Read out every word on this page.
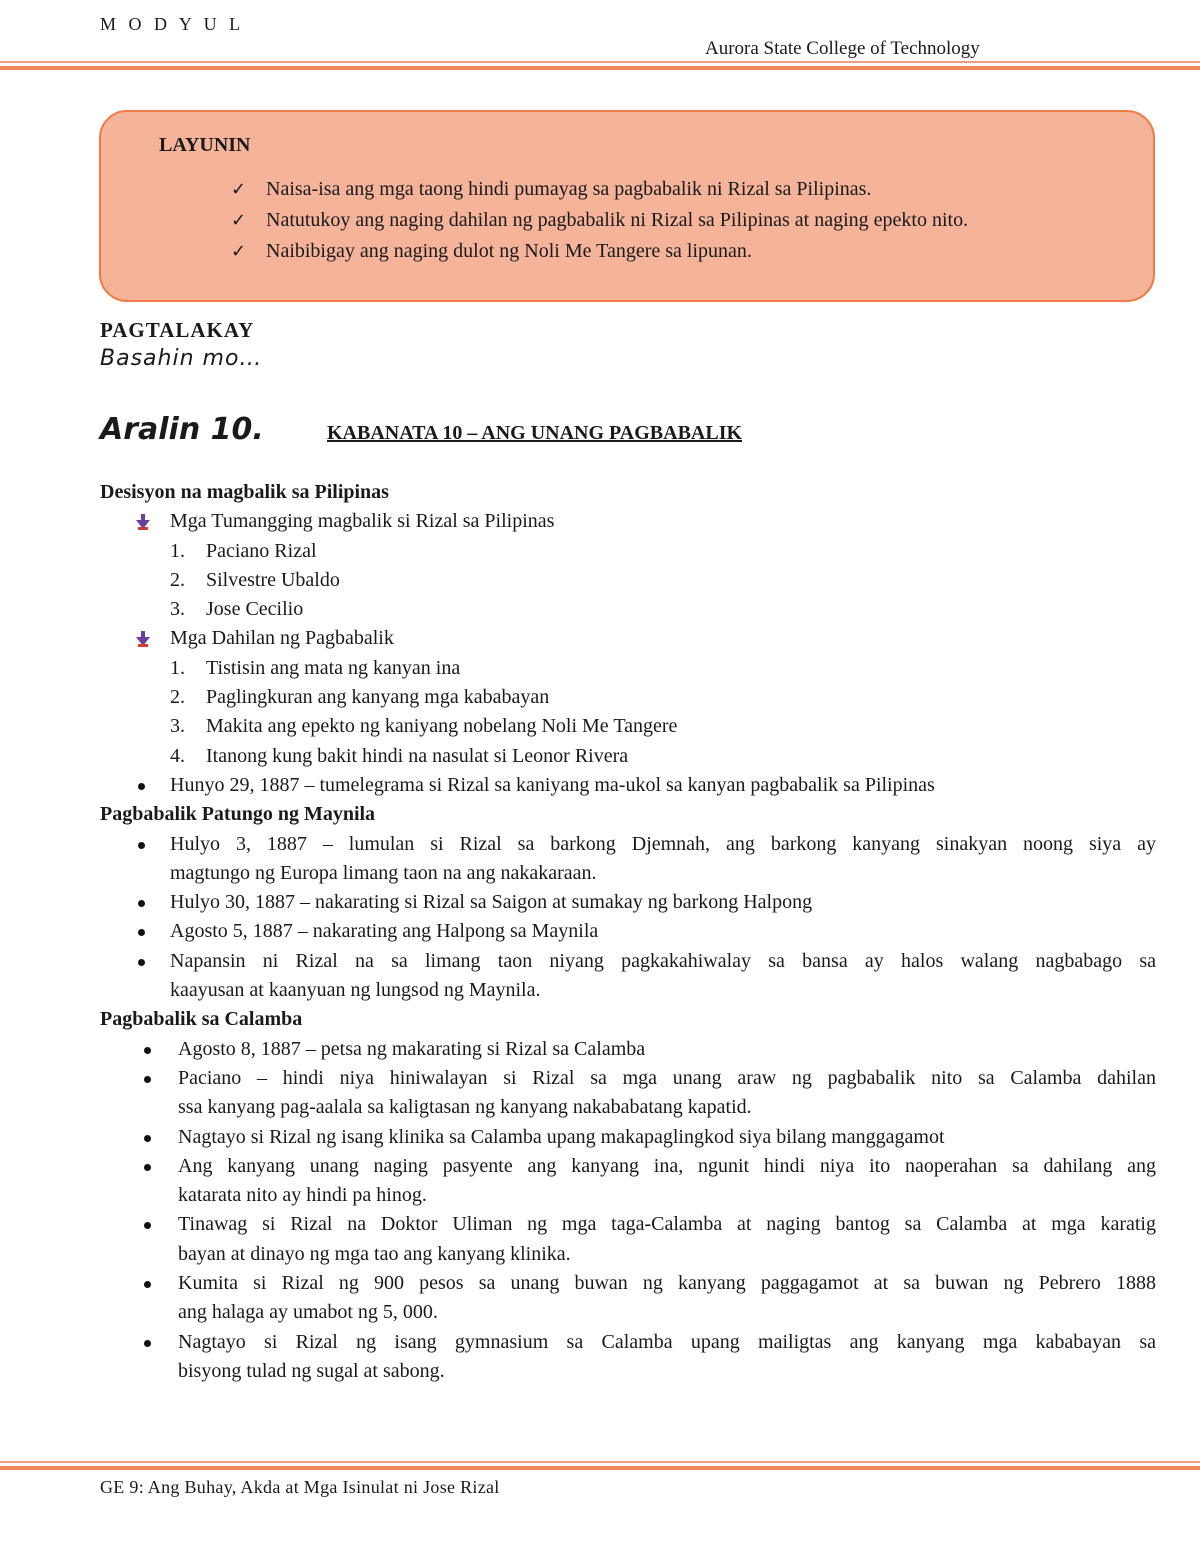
M O D Y U L
Aurora State College of Technology
LAYUNIN
✓ Naisa-isa ang mga taong hindi pumayag sa pagbabalik ni Rizal sa Pilipinas.
✓ Natutukoy ang naging dahilan ng pagbabalik ni Rizal sa Pilipinas at naging epekto nito.
✓ Naibibigay ang naging dulot ng Noli Me Tangere sa lipunan.
PAGTALAKAY
Basahin mo…
Aralin 10.	KABANATA 10 – ANG UNANG PAGBABALIK
Desisyon na magbalik sa Pilipinas
Mga Tumangging magbalik si Rizal sa Pilipinas
1. Paciano Rizal
2. Silvestre Ubaldo
3. Jose Cecilio
Mga Dahilan ng Pagbabalik
1. Tistisin ang mata ng kanyan ina
2. Paglingkuran ang kanyang mga kababayan
3. Makita ang epekto ng kaniyang nobelang Noli Me Tangere
4. Itanong kung bakit hindi na nasulat si Leonor Rivera
Hunyo 29, 1887 – tumelegrama si Rizal sa kaniyang ma-ukol sa kanyan pagbabalik sa Pilipinas
Pagbabalik Patungo ng Maynila
Hulyo 3, 1887 – lumulan si Rizal sa barkong Djemnah, ang barkong kanyang sinakyan noong siya ay
magtungo ng Europa limang taon na ang nakakaraan.
Hulyo 30, 1887 – nakarating si Rizal sa Saigon at sumakay ng barkong Halpong
Agosto 5, 1887 – nakarating ang Halpong sa Maynila
Napansin ni Rizal na sa limang taon niyang pagkakahiwalay sa bansa ay halos walang nagbabago sa
kaayusan at kaanyuan ng lungsod ng Maynila.
Pagbabalik sa Calamba
Agosto 8, 1887 – petsa ng makarating si Rizal sa Calamba
Paciano – hindi niya hiniwalayan si Rizal sa mga unang araw ng pagbabalik nito sa Calamba dahilan
ssa kanyang pag-aalala sa kaligtasan ng kanyang nakababatang kapatid.
Nagtayo si Rizal ng isang klinika sa Calamba upang makapaglingkod siya bilang manggagamot
Ang kanyang unang naging pasyente ang kanyang ina, ngunit hindi niya ito naoperahan sa dahilang ang
katarata nito ay hindi pa hinog.
Tinawag si Rizal na Doktor Uliman ng mga taga-Calamba at naging bantog sa Calamba at mga karatig
bayan at dinayo ng mga tao ang kanyang klinika.
Kumita si Rizal ng 900 pesos sa unang buwan ng kanyang paggagamot at sa buwan ng Pebrero 1888
ang halaga ay umabot ng 5, 000.
Nagtayo si Rizal ng isang gymnasium sa Calamba upang mailigtas ang kanyang mga kababayan sa
bisyong tulad ng sugal at sabong.
GE 9: Ang Buhay, Akda at Mga Isinulat ni Jose Rizal
